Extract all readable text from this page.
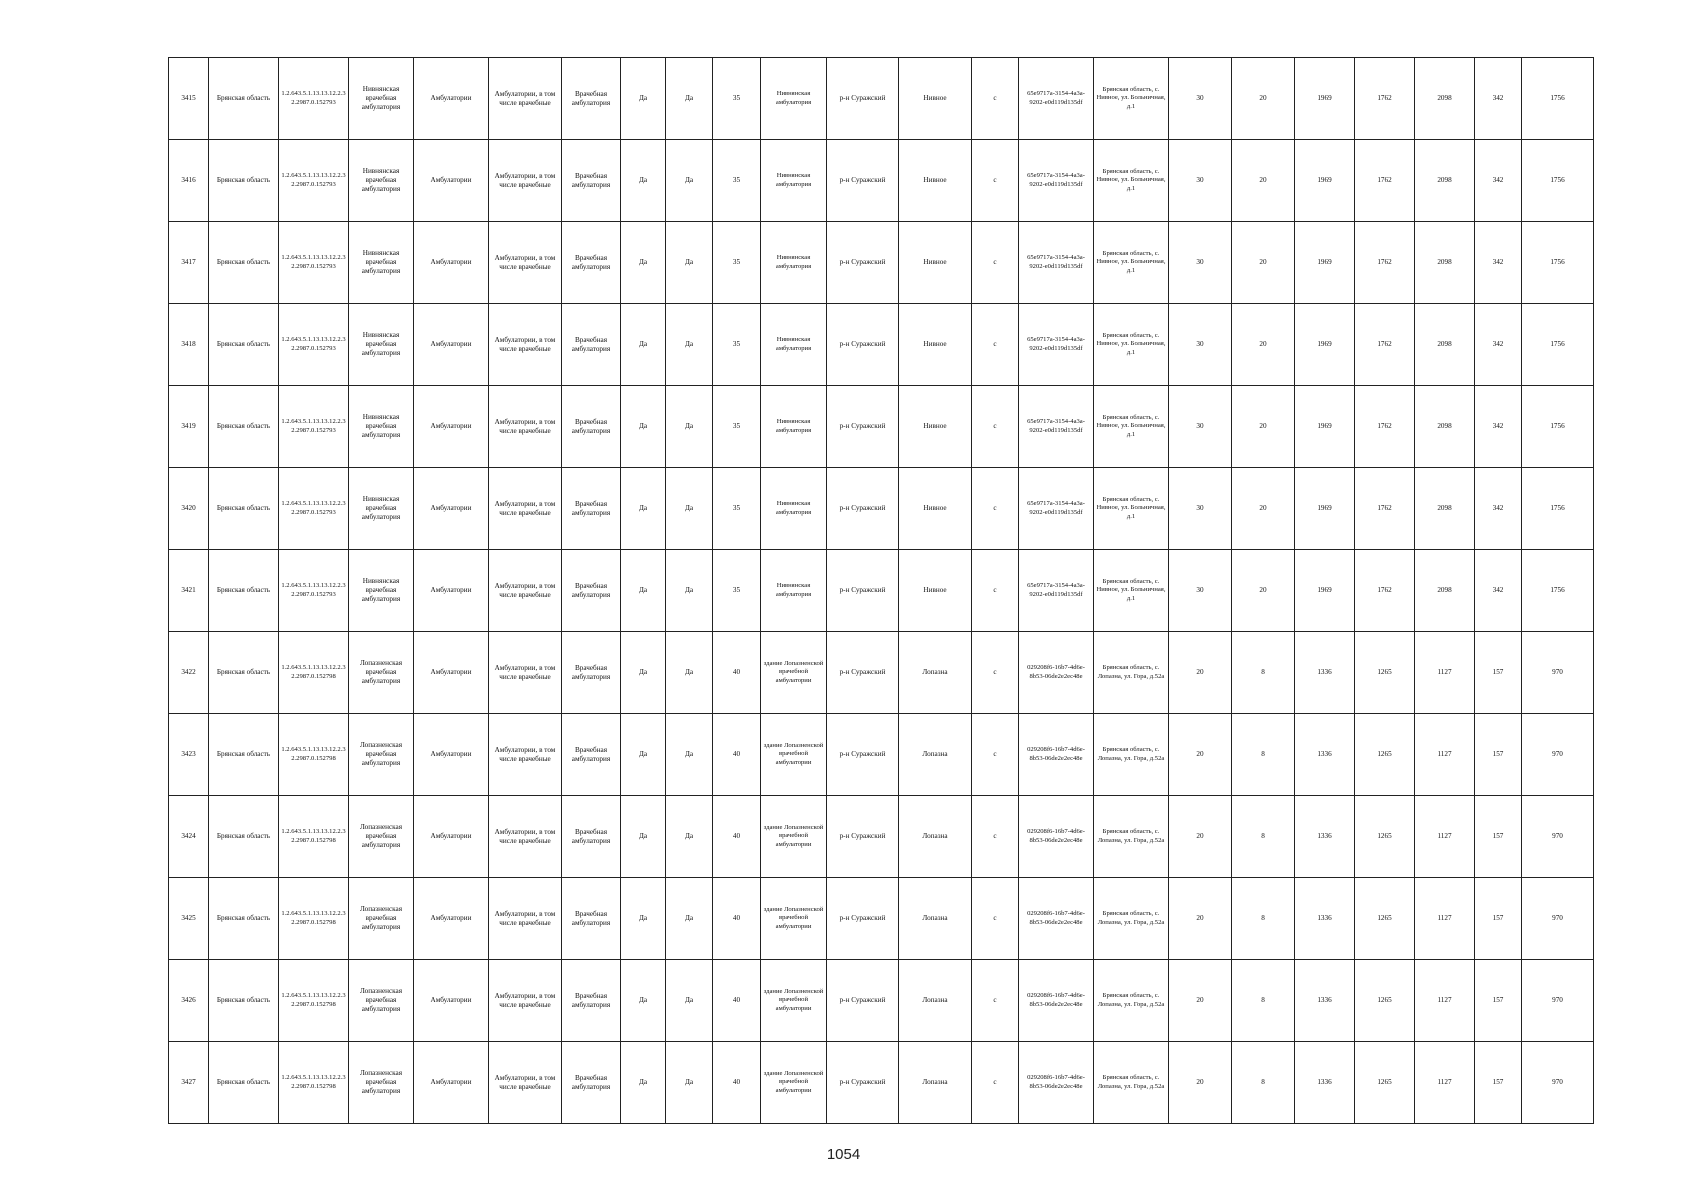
3415	Брянская область	1.2.643.5.1.13.13.12.2.32.2987.0.152793	Нивнянская врачебная амбулатория	Амбулатории	Амбулатории, в том числе врачебные	Врачебная амбулатория	Да	Да	35	Нивнянская амбулатория	р-н Суражский	Нивное	с	65e9717a-3154-4a3a-9202-e0d119d135df	Брянская область, с. Нивное, ул. Больничная, д.1	30	20	1969	1762	2098	342	1756
3416	Брянская область	1.2.643.5.1.13.13.12.2.32.2987.0.152793	Нивнянская врачебная амбулатория	Амбулатории	Амбулатории, в том числе врачебные	Врачебная амбулатория	Да	Да	35	Нивнянская амбулатория	р-н Суражский	Нивное	с	65e9717a-3154-4a3a-9202-e0d119d135df	Брянская область, с. Нивное, ул. Больничная, д.1	30	20	1969	1762	2098	342	1756
3417	Брянская область	1.2.643.5.1.13.13.12.2.32.2987.0.152793	Нивнянская врачебная амбулатория	Амбулатории	Амбулатории, в том числе врачебные	Врачебная амбулатория	Да	Да	35	Нивнянская амбулатория	р-н Суражский	Нивное	с	65e9717a-3154-4a3a-9202-e0d119d135df	Брянская область, с. Нивное, ул. Больничная, д.1	30	20	1969	1762	2098	342	1756
3418	Брянская область	1.2.643.5.1.13.13.12.2.32.2987.0.152793	Нивнянская врачебная амбулатория	Амбулатории	Амбулатории, в том числе врачебные	Врачебная амбулатория	Да	Да	35	Нивнянская амбулатория	р-н Суражский	Нивное	с	65e9717a-3154-4a3a-9202-e0d119d135df	Брянская область, с. Нивное, ул. Больничная, д.1	30	20	1969	1762	2098	342	1756
3419	Брянская область	1.2.643.5.1.13.13.12.2.32.2987.0.152793	Нивнянская врачебная амбулатория	Амбулатории	Амбулатории, в том числе врачебные	Врачебная амбулатория	Да	Да	35	Нивнянская амбулатория	р-н Суражский	Нивное	с	65e9717a-3154-4a3a-9202-e0d119d135df	Брянская область, с. Нивное, ул. Больничная, д.1	30	20	1969	1762	2098	342	1756
3420	Брянская область	1.2.643.5.1.13.13.12.2.32.2987.0.152793	Нивнянская врачебная амбулатория	Амбулатории	Амбулатории, в том числе врачебные	Врачебная амбулатория	Да	Да	35	Нивнянская амбулатория	р-н Суражский	Нивное	с	65e9717a-3154-4a3a-9202-e0d119d135df	Брянская область, с. Нивное, ул. Больничная, д.1	30	20	1969	1762	2098	342	1756
3421	Брянская область	1.2.643.5.1.13.13.12.2.32.2987.0.152793	Нивнянская врачебная амбулатория	Амбулатории	Амбулатории, в том числе врачебные	Врачебная амбулатория	Да	Да	35	Нивнянская амбулатория	р-н Суражский	Нивное	с	65e9717a-3154-4a3a-9202-e0d119d135df	Брянская область, с. Нивное, ул. Больничная, д.1	30	20	1969	1762	2098	342	1756
3422	Брянская область	1.2.643.5.1.13.13.12.2.32.2987.0.152798	Лопазненская врачебная амбулатория	Амбулатории	Амбулатории, в том числе врачебные	Врачебная амбулатория	Да	Да	40	здание Лопазненской врачебной амбулатории	р-н Суражский	Лопазна	с	029208f6-16b7-4d6e-8b53-06de2e2ec48e	Брянская область, с. Лопазна, ул. Гора, д.52а	20	8	1336	1265	1127	157	970
3423	Брянская область	1.2.643.5.1.13.13.12.2.32.2987.0.152798	Лопазненская врачебная амбулатория	Амбулатории	Амбулатории, в том числе врачебные	Врачебная амбулатория	Да	Да	40	здание Лопазненской врачебной амбулатории	р-н Суражский	Лопазна	с	029208f6-16b7-4d6e-8b53-06de2e2ec48e	Брянская область, с. Лопазна, ул. Гора, д.52а	20	8	1336	1265	1127	157	970
3424	Брянская область	1.2.643.5.1.13.13.12.2.32.2987.0.152798	Лопазненская врачебная амбулатория	Амбулатории	Амбулатории, в том числе врачебные	Врачебная амбулатория	Да	Да	40	здание Лопазненской врачебной амбулатории	р-н Суражский	Лопазна	с	029208f6-16b7-4d6e-8b53-06de2e2ec48e	Брянская область, с. Лопазна, ул. Гора, д.52а	20	8	1336	1265	1127	157	970
3425	Брянская область	1.2.643.5.1.13.13.12.2.32.2987.0.152798	Лопазненская врачебная амбулатория	Амбулатории	Амбулатории, в том числе врачебные	Врачебная амбулатория	Да	Да	40	здание Лопазненской врачебной амбулатории	р-н Суражский	Лопазна	с	029208f6-16b7-4d6e-8b53-06de2e2ec48e	Брянская область, с. Лопазна, ул. Гора, д.52а	20	8	1336	1265	1127	157	970
3426	Брянская область	1.2.643.5.1.13.13.12.2.32.2987.0.152798	Лопазненская врачебная амбулатория	Амбулатории	Амбулатории, в том числе врачебные	Врачебная амбулатория	Да	Да	40	здание Лопазненской врачебной амбулатории	р-н Суражский	Лопазна	с	029208f6-16b7-4d6e-8b53-06de2e2ec48e	Брянская область, с. Лопазна, ул. Гора, д.52а	20	8	1336	1265	1127	157	970
3427	Брянская область	1.2.643.5.1.13.13.12.2.32.2987.0.152798	Лопазненская врачебная амбулатория	Амбулатории	Амбулатории, в том числе врачебные	Врачебная амбулатория	Да	Да	40	здание Лопазненской врачебной амбулатории	р-н Суражский	Лопазна	с	029208f6-16b7-4d6e-8b53-06de2e2ec48e	Брянская область, с. Лопазна, ул. Гора, д.52а	20	8	1336	1265	1127	157	970
1054
